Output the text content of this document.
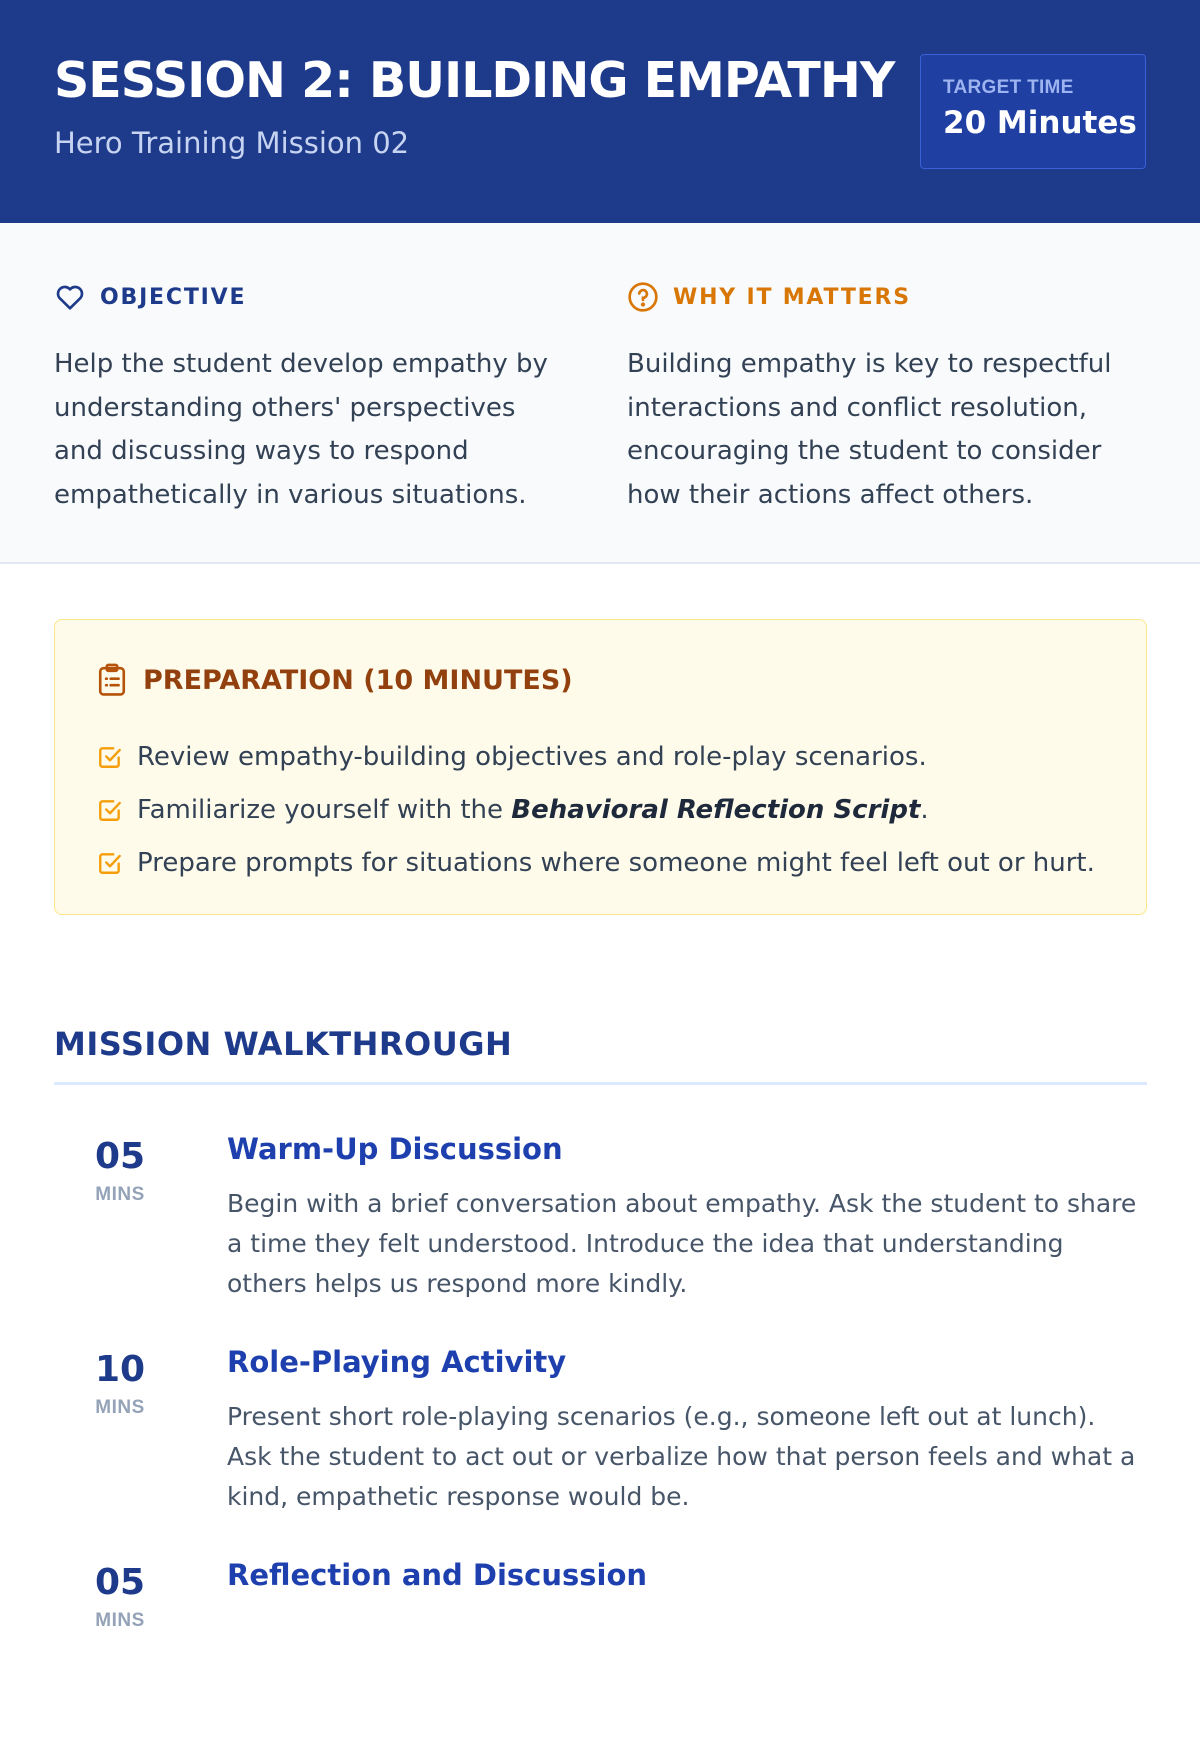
SESSION 2: BUILDING EMPATHY
Hero Training Mission 02
TARGET TIME
20 Minutes
OBJECTIVE
Help the student develop empathy by understanding others' perspectives and discussing ways to respond empathetically in various situations.
WHY IT MATTERS
Building empathy is key to respectful interactions and conflict resolution, encouraging the student to consider how their actions affect others.
PREPARATION (10 MINUTES)
Review empathy-building objectives and role-play scenarios.
Familiarize yourself with the Behavioral Reflection Script.
Prepare prompts for situations where someone might feel left out or hurt.
MISSION WALKTHROUGH
05
MINS
Warm-Up Discussion
Begin with a brief conversation about empathy. Ask the student to share a time they felt understood. Introduce the idea that understanding others helps us respond more kindly.
10
MINS
Role-Playing Activity
Present short role-playing scenarios (e.g., someone left out at lunch). Ask the student to act out or verbalize how that person feels and what a kind, empathetic response would be.
05
MINS
Reflection and Discussion
